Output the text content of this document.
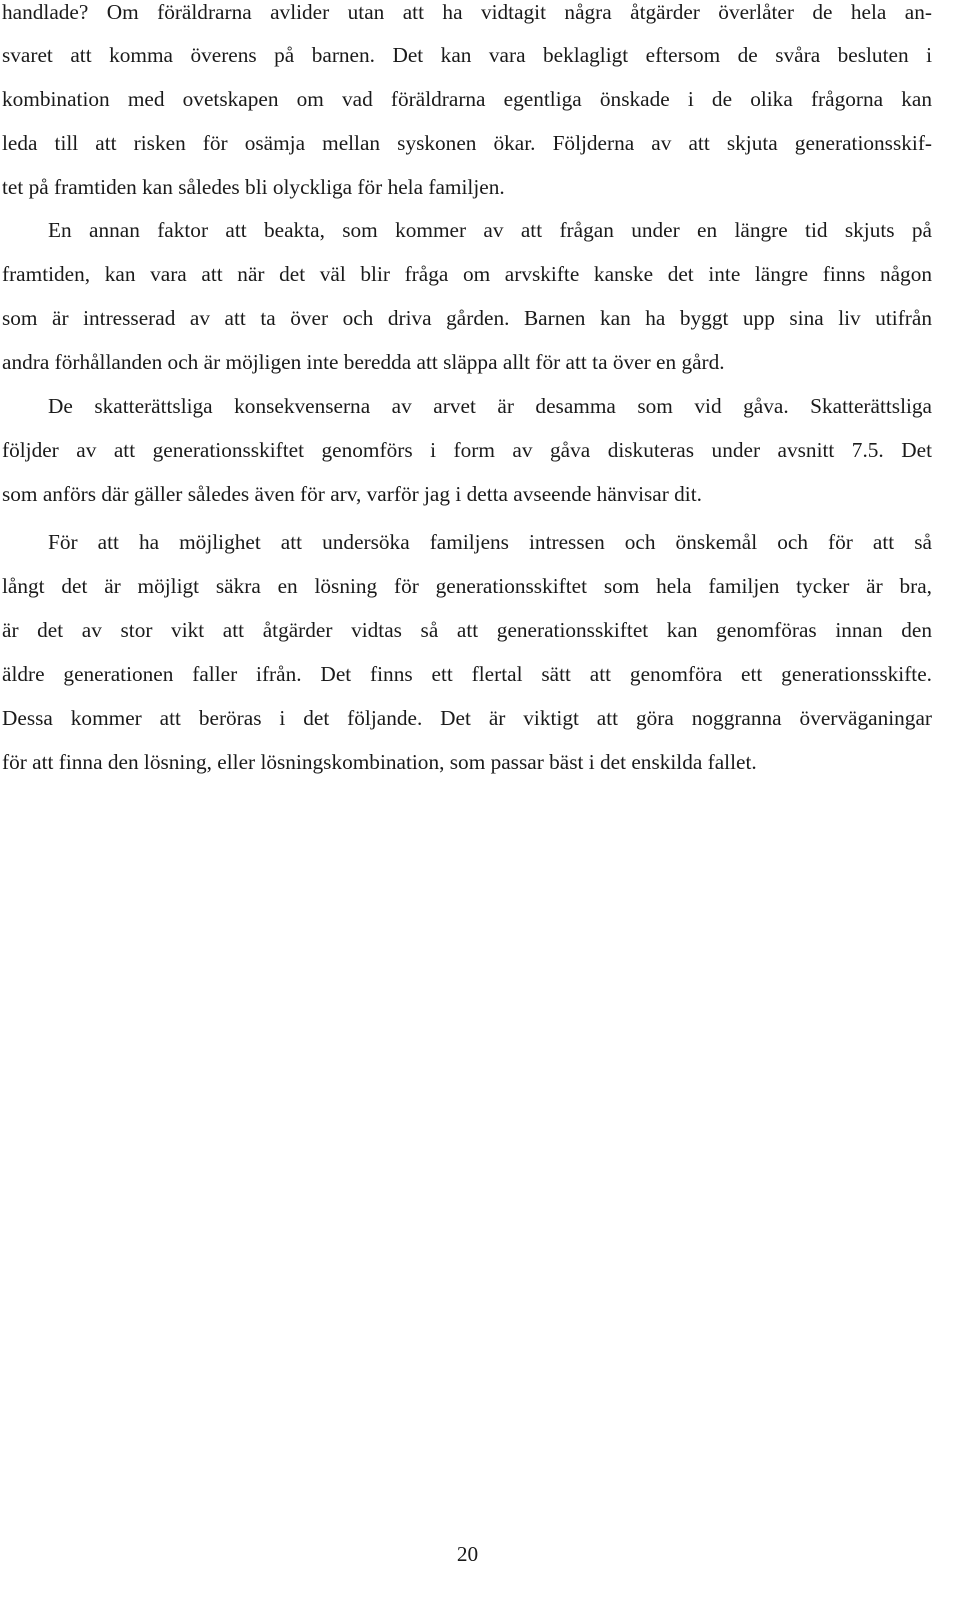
handlade? Om föräldrarna avlider utan att ha vidtagit några åtgärder överlåter de hela an-
svaret att komma överens på barnen. Det kan vara beklagligt eftersom de svåra besluten i
kombination med ovetskapen om vad föräldrarna egentliga önskade i de olika frågorna kan
leda till att risken för osämja mellan syskonen ökar. Följderna av att skjuta generationsskif-
tet på framtiden kan således bli olyckliga för hela familjen.
En annan faktor att beakta, som kommer av att frågan under en längre tid skjuts på
framtiden, kan vara att när det väl blir fråga om arvskifte kanske det inte längre finns någon
som är intresserad av att ta över och driva gården. Barnen kan ha byggt upp sina liv utifrån
andra förhållanden och är möjligen inte beredda att släppa allt för att ta över en gård.
De skatterättsliga konsekvenserna av arvet är desamma som vid gåva. Skatterättsliga
följder av att generationsskiftet genomförs i form av gåva diskuteras under avsnitt 7.5. Det
som anförs där gäller således även för arv, varför jag i detta avseende hänvisar dit.
För att ha möjlighet att undersöka familjens intressen och önskemål och för att så
långt det är möjligt säkra en lösning för generationsskiftet som hela familjen tycker är bra,
är det av stor vikt att åtgärder vidtas så att generationsskiftet kan genomföras innan den
äldre generationen faller ifrån. Det finns ett flertal sätt att genomföra ett generationsskifte.
Dessa kommer att beröras i det följande. Det är viktigt att göra noggranna överväganingar
för att finna den lösning, eller lösningskombination, som passar bäst i det enskilda fallet.
20
